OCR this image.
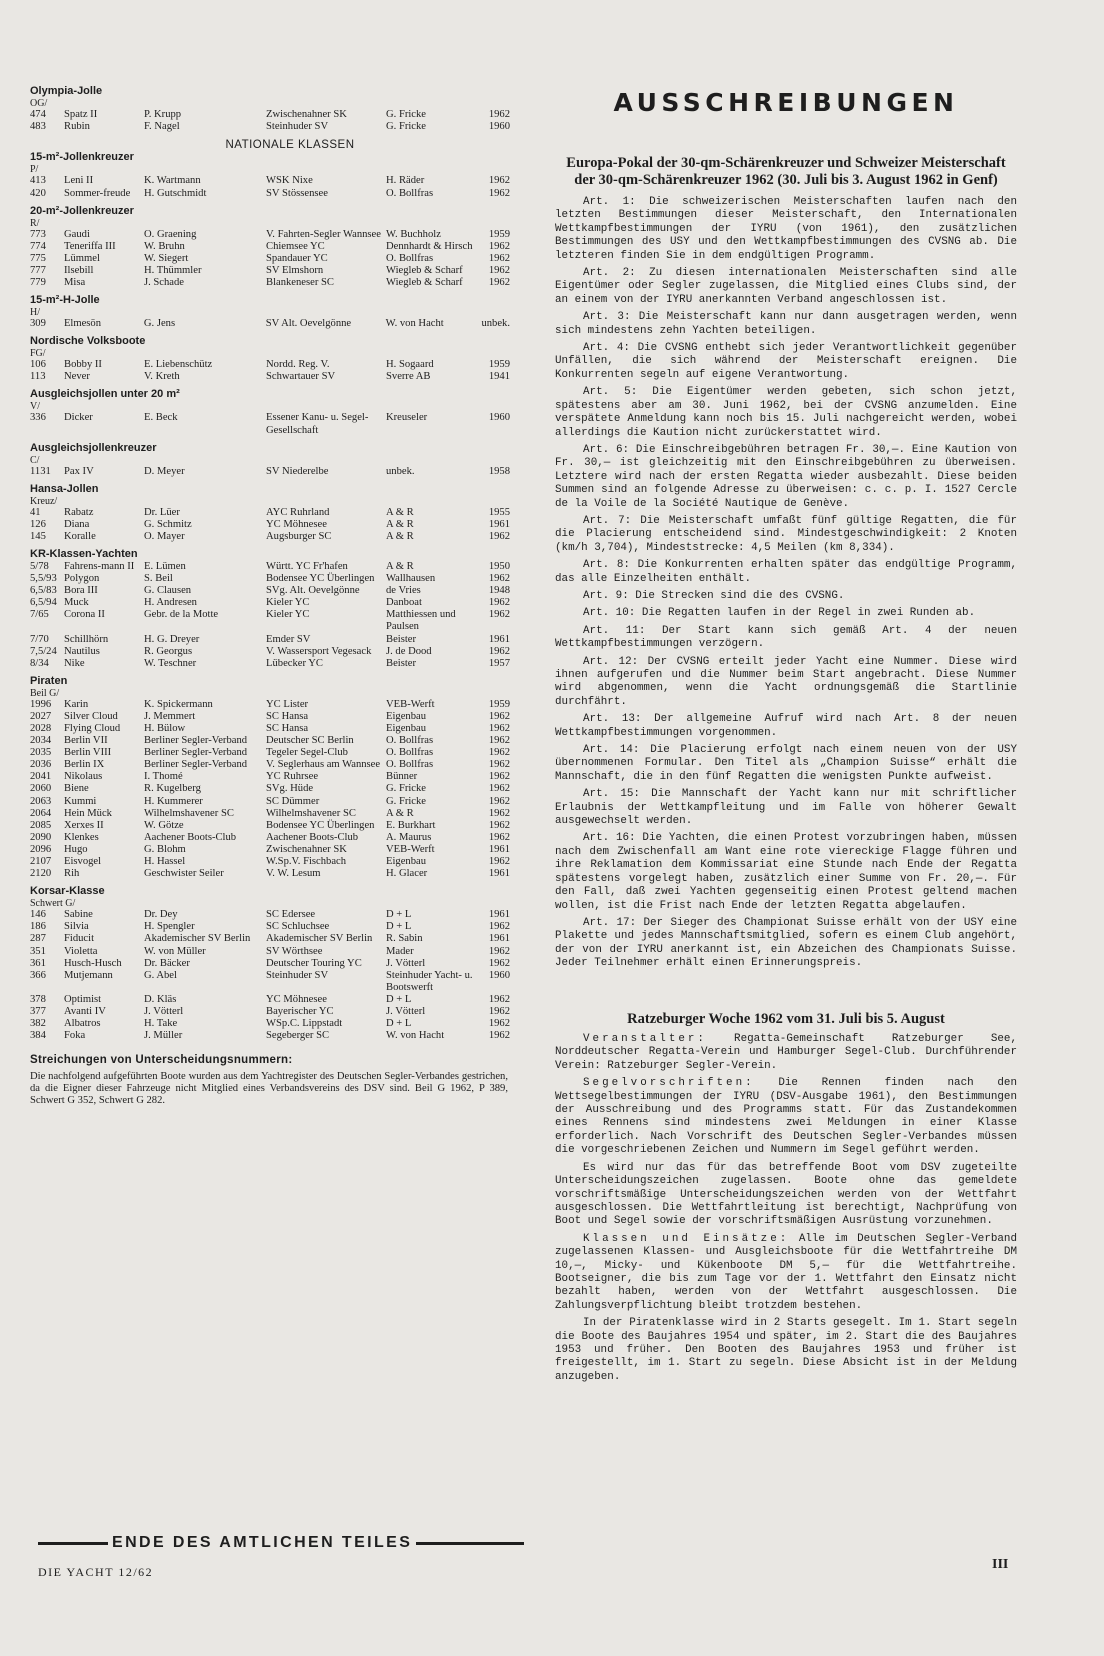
Olympia-Jolle
OG/
474	Spatz II	P. Krupp	Zwischenahner SK	G. Fricke	1962
483	Rubin	F. Nagel	Steinhuder SV	G. Fricke	1960
NATIONALE KLASSEN
15-m²-Jollenkreuzer
P/
413	Leni II	K. Wartmann	WSK Nixe	H. Räder	1962
420	Sommer-freude	H. Gutschmidt	SV Stössensee	O. Bollfras	1962
20-m²-Jollenkreuzer
R/
773	Gaudi	O. Graening	V. Fahrten-Segler Wannsee	W. Buchholz	1959
774	Teneriffa III	W. Bruhn	Chiemsee YC	Dennhardt & Hirsch	1962
775	Lümmel	W. Siegert	Spandauer YC	O. Bollfras	1962
777	Ilsebill	H. Thümmler	SV Elmshorn	Wiegleb & Scharf	1962
779	Misa	J. Schade	Blankeneser SC	Wiegleb & Scharf	1962
15-m²-H-Jolle
H/
309	Elmesön	G. Jens	SV Alt. Oevelgönne	W. von Hacht	unbek.
Nordische Volksboote
FG/
106	Bobby II	E. Liebenschütz	Nordd. Reg. V.	H. Sogaard	1959
113	Never	V. Kreth	Schwartauer SV	Sverre AB	1941
Ausgleichsjollen unter 20 m²
V/
336	Dicker	E. Beck	Essener Kanu- u. Segel-Gesellschaft	Kreuseler	1960
Ausgleichsjollenkreuzer
C/
1131	Pax IV	D. Meyer	SV Niederelbe	unbek.	1958
Hansa-Jollen
Kreuz/
41	Rabatz	Dr. Lüer	AYC Ruhrland	A & R	1955
126	Diana	G. Schmitz	YC Möhnesee	A & R	1961
145	Koralle	O. Mayer	Augsburger SC	A & R	1962
KR-Klassen-Yachten
5/78	Fahrens-mann II	E. Lümen	Württ. YC Fr'hafen	A & R	1950
5,5/93	Polygon	S. Beil	Bodensee YC Überlingen	Wallhausen	1962
6,5/83	Bora III	G. Clausen	SVg. Alt. Oevelgönne	de Vries	1948
6,5/94	Muck	H. Andresen	Kieler YC	Danboat	1962
7/65	Corona II	Gebr. de la Motte	Kieler YC	Matthiessen und Paulsen	1962
7/70	Schillhörn	H. G. Dreyer	Emder SV	Beister	1961
7,5/24	Nautilus	R. Georgus	V. Wassersport Vegesack	J. de Dood	1962
8/34	Nike	W. Teschner	Lübecker YC	Beister	1957
Piraten
Beil G/
1996	Karin	K. Spickermann	YC Lister	VEB-Werft	1959
2027	Silver Cloud	J. Memmert	SC Hansa	Eigenbau	1962
2028	Flying Cloud	H. Bülow	SC Hansa	Eigenbau	1962
2034	Berlin VII	Berliner Segler-Verband	Deutscher SC Berlin	O. Bollfras	1962
2035	Berlin VIII	Berliner Segler-Verband	Tegeler Segel-Club	O. Bollfras	1962
2036	Berlin IX	Berliner Segler-Verband	V. Seglerhaus am Wannsee	O. Bollfras	1962
2041	Nikolaus	I. Thomé	YC Ruhrsee	Bünner	1962
2060	Biene	R. Kugelberg	SVg. Hüde	G. Fricke	1962
2063	Kummi	H. Kummerer	SC Dümmer	G. Fricke	1962
2064	Hein Mück	Wilhelmshavener SC	Wilhelmshavener SC	A & R	1962
2085	Xerxes II	W. Götze	Bodensee YC Überlingen	E. Burkhart	1962
2090	Klenkes	Aachener Boots-Club	Aachener Boots-Club	A. Maurus	1962
2096	Hugo	G. Blohm	Zwischenahner SK	VEB-Werft	1961
2107	Eisvogel	H. Hassel	W.Sp.V. Fischbach	Eigenbau	1962
2120	Rih	Geschwister Seiler	V. W. Lesum	H. Glacer	1961
Korsar-Klasse
Schwert G/
146	Sabine	Dr. Dey	SC Edersee	D + L	1961
186	Silvia	H. Spengler	SC Schluchsee	D + L	1962
287	Fiducit	Akademischer SV Berlin	Akademischer SV Berlin	R. Sabin	1961
351	Violetta	W. von Müller	SV Wörthsee	Mader	1962
361	Husch-Husch	Dr. Bäcker	Deutscher Touring YC	J. Vötterl	1962
366	Mutjemann	G. Abel	Steinhuder SV	Steinhuder Yacht- u. Bootswerft	1960
378	Optimist	D. Kläs	YC Möhnesee	D + L	1962
377	Avanti IV	J. Vötterl	Bayerischer YC	J. Vötterl	1962
382	Albatros	H. Take	WSp.C. Lippstadt	D + L	1962
384	Foka	J. Müller	Segeberger SC	W. von Hacht	1962
Streichungen von Unterscheidungsnummern:
Die nachfolgend aufgeführten Boote wurden aus dem Yachtregister des Deutschen Segler-Verbandes gestrichen, da die Eigner dieser Fahrzeuge nicht Mitglied eines Verbandsvereins des DSV sind. Beil G 1962, P 389, Schwert G 352, Schwert G 282.
ENDE DES AMTLICHEN TEILES
DIE YACHT 12/62
AUSSCHREIBUNGEN
Europa-Pokal der 30-qm-Schärenkreuzer und Schweizer Meisterschaft der 30-qm-Schärenkreuzer 1962 (30. Juli bis 3. August 1962 in Genf)

Art. 1: Die schweizerischen Meisterschaften laufen nach den letzten Bestimmungen dieser Meisterschaft, den Internationalen Wettkampfbestimmungen der IYRU (von 1961), den zusätzlichen Bestimmungen des USY und den Wettkampfbestimmungen des CVSNG ab. Die letzteren finden Sie in dem endgültigen Programm.

Art. 2: Zu diesen internationalen Meisterschaften sind alle Eigentümer oder Segler zugelassen, die Mitglied eines Clubs sind, der an einem von der IYRU anerkannten Verband angeschlossen ist.

Art. 3: Die Meisterschaft kann nur dann ausgetragen werden, wenn sich mindestens zehn Yachten beteiligen.

Art. 4: Die CVSNG enthebt sich jeder Verantwortlichkeit gegenüber Unfällen, die sich während der Meisterschaft ereignen. Die Konkurrenten segeln auf eigene Verantwortung.

Art. 5: Die Eigentümer werden gebeten, sich schon jetzt, spätestens aber am 30. Juni 1962, bei der CVSNG anzumelden. Eine verspätete Anmeldung kann noch bis 15. Juli nachgereicht werden, wobei allerdings die Kaution nicht zurückerstattet wird.

Art. 6: Die Einschreibgebühren betragen Fr. 30,—. Eine Kaution von Fr. 30,— ist gleichzeitig mit den Einschreibgebühren zu überweisen. Letztere wird nach der ersten Regatta wieder ausbezahlt. Diese beiden Summen sind an folgende Adresse zu überweisen: c. c. p. I. 1527 Cercle de la Voile de la Société Nautique de Genève.

Art. 7: Die Meisterschaft umfaßt fünf gültige Regatten, die für die Placierung entscheidend sind. Mindestgeschwindigkeit: 2 Knoten (km/h 3,704), Mindeststrecke: 4,5 Meilen (km 8,334).

Art. 8: Die Konkurrenten erhalten später das endgültige Programm, das alle Einzelheiten enthält.

Art. 9: Die Strecken sind die des CVSNG.

Art. 10: Die Regatten laufen in der Regel in zwei Runden ab.

Art. 11: Der Start kann sich gemäß Art. 4 der neuen Wettkampfbestimmungen verzögern.

Art. 12: Der CVSNG erteilt jeder Yacht eine Nummer. Diese wird ihnen aufgerufen und die Nummer beim Start angebracht. Diese Nummer wird abgenommen, wenn die Yacht ordnungsgemäß die Startlinie durchfährt.

Art. 13: Der allgemeine Aufruf wird nach Art. 8 der neuen Wettkampfbestimmungen vorgenommen.

Art. 14: Die Placierung erfolgt nach einem neuen von der USY übernommenen Formular. Den Titel als „Champion Suisse“ erhält die Mannschaft, die in den fünf Regatten die wenigsten Punkte aufweist.

Art. 15: Die Mannschaft der Yacht kann nur mit schriftlicher Erlaubnis der Wettkampfleitung und im Falle von höherer Gewalt ausgewechselt werden.

Art. 16: Die Yachten, die einen Protest vorzubringen haben, müssen nach dem Zwischenfall am Want eine rote viereckige Flagge führen und ihre Reklamation dem Kommissariat eine Stunde nach Ende der Regatta spätestens vorgelegt haben, zusätzlich einer Summe von Fr. 20,—. Für den Fall, daß zwei Yachten gegenseitig einen Protest geltend machen wollen, ist die Frist nach Ende der letzten Regatta abgelaufen.

Art. 17: Der Sieger des Championat Suisse erhält von der USY eine Plakette und jedes Mannschaftsmitglied, sofern es einem Club angehört, der von der IYRU anerkannt ist, ein Abzeichen des Championats Suisse. Jeder Teilnehmer erhält einen Erinnerungspreis.

Ratzeburger Woche 1962 vom 31. Juli bis 5. August

Veranstalter: Regatta-Gemeinschaft Ratzeburger See, Norddeutscher Regatta-Verein und Hamburger Segel-Club. Durchführender Verein: Ratzeburger Segler-Verein.

Segelvorschriften: Die Rennen finden nach den Wettsegelbestimmungen der IYRU (DSV-Ausgabe 1961), den Bestimmungen der Ausschreibung und des Programms statt. Für das Zustandekommen eines Rennens sind mindestens zwei Meldungen in einer Klasse erforderlich. Nach Vorschrift des Deutschen Segler-Verbandes müssen die vorgeschriebenen Zeichen und Nummern im Segel geführt werden.

Es wird nur das für das betreffende Boot vom DSV zugeteilte Unterscheidungszeichen zugelassen. Boote ohne das gemeldete vorschriftsmäßige Unterscheidungszeichen werden von der Wettfahrt ausgeschlossen. Die Wettfahrtleitung ist berechtigt, Nachprüfung von Boot und Segel sowie der vorschriftsmäßigen Ausrüstung vorzunehmen.

Klassen und Einsätze: Alle im Deutschen Segler-Verband zugelassenen Klassen- und Ausgleichsboote für die Wettfahrtreihe DM 10,—, Micky- und Kükenboote DM 5,— für die Wettfahrtreihe. Bootseigner, die bis zum Tage vor der 1. Wettfahrt den Einsatz nicht bezahlt haben, werden von der Wettfahrt ausgeschlossen. Die Zahlungsverpflichtung bleibt trotzdem bestehen.

In der Piratenklasse wird in 2 Starts gesegelt. Im 1. Start segeln die Boote des Baujahres 1954 und später, im 2. Start die des Baujahres 1953 und früher. Den Booten des Baujahres 1953 und früher ist freigestellt, im 1. Start zu segeln. Diese Absicht ist in der Meldung anzugeben.

III
